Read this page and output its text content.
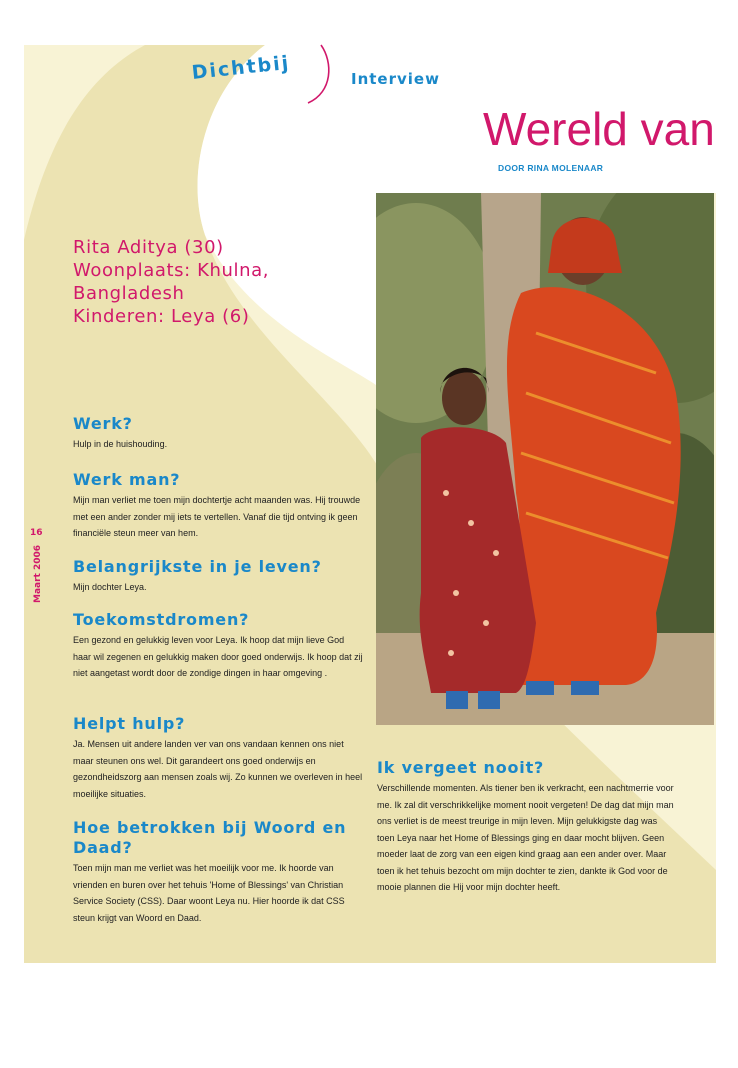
Dichtbij	Interview
Wereld van
DOOR RINA MOLENAAR
Rita Aditya (30)
Woonplaats: Khulna,
Bangladesh
Kinderen: Leya (6)

Werk?

Hulp in de huishouding.

Werk man?

Mijn man verliet me toen mijn dochtertje acht maanden was. Hij trouwde met een ander zonder mij iets te vertellen. Vanaf die tijd ontving ik geen financiële steun meer van hem.

Belangrijkste in je leven?

Mijn dochter Leya.

Toekomstdromen?

Een gezond en gelukkig leven voor Leya. Ik hoop dat mijn lieve God haar wil zegenen en gelukkig maken door goed onderwijs. Ik hoop dat zij niet aangetast wordt door de zondige dingen in haar omgeving .

Helpt hulp?

Ja. Mensen uit andere landen ver van ons vandaan kennen ons niet maar steunen ons wel. Dit garandeert ons goed onderwijs en gezondheidszorg aan mensen zoals wij. Zo kunnen we overleven in heel moeilijke situaties.

Hoe betrokken bij Woord en Daad?

Toen mijn man me verliet was het moeilijk voor me. Ik hoorde van vrienden en buren over het tehuis 'Home of Blessings' van Christian Service Society (CSS). Daar woont Leya nu. Hier hoorde ik dat CSS steun krijgt van Woord en Daad.

Ik vergeet nooit?

Verschillende momenten. Als tiener ben ik verkracht, een nachtmerrie voor me. Ik zal dit verschrikkelijke moment nooit vergeten! De dag dat mijn man ons verliet is de meest treurige in mijn leven. Mijn gelukkigste dag was toen Leya naar het Home of Blessings ging en daar mocht blijven. Geen moeder laat de zorg van een eigen kind graag aan een ander over. Maar toen ik het tehuis bezocht om mijn dochter te zien, dankte ik God voor de mooie plannen die Hij voor mijn dochter heeft.

16
Maart 2006
